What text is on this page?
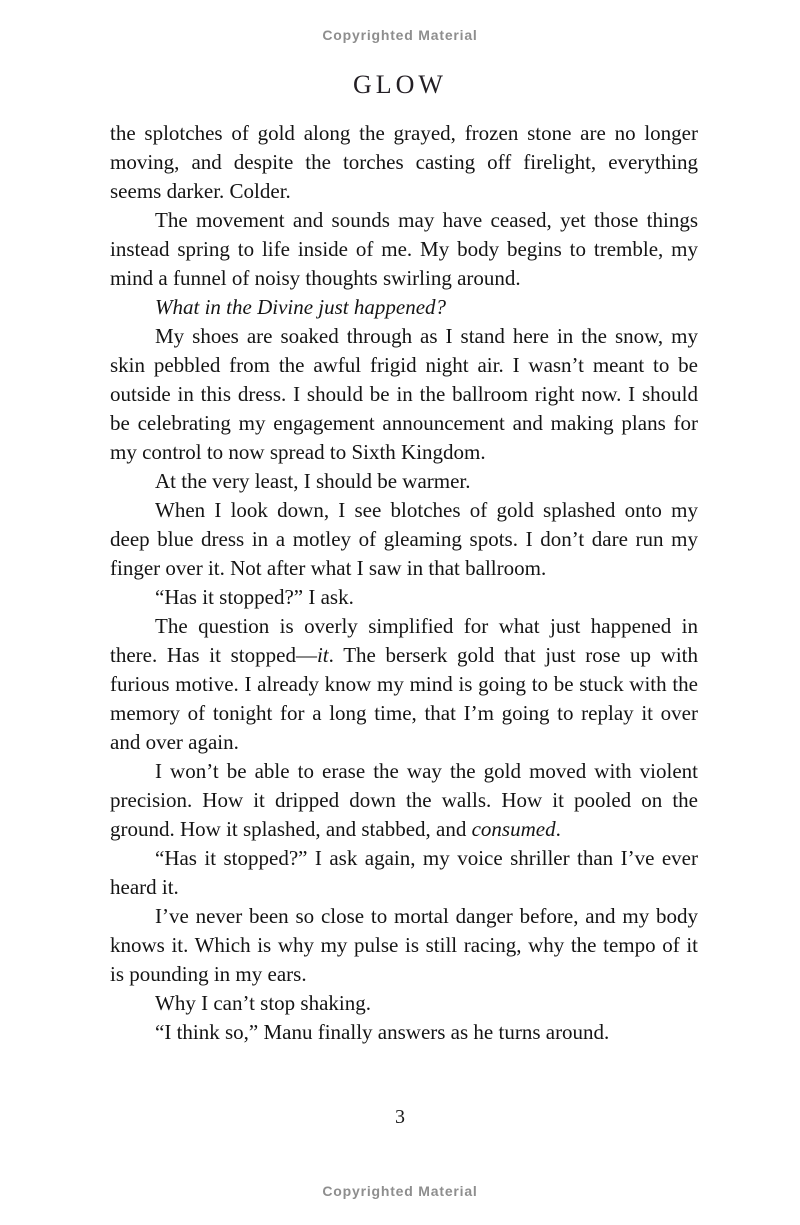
Copyrighted Material
GLOW

the splotches of gold along the grayed, frozen stone are no longer moving, and despite the torches casting off firelight, everything seems darker. Colder.

The movement and sounds may have ceased, yet those things instead spring to life inside of me. My body begins to tremble, my mind a funnel of noisy thoughts swirling around.

What in the Divine just happened?

My shoes are soaked through as I stand here in the snow, my skin pebbled from the awful frigid night air. I wasn’t meant to be outside in this dress. I should be in the ballroom right now. I should be celebrating my engagement announcement and making plans for my control to now spread to Sixth Kingdom.

At the very least, I should be warmer.

When I look down, I see blotches of gold splashed onto my deep blue dress in a motley of gleaming spots. I don’t dare run my finger over it. Not after what I saw in that ballroom.

“Has it stopped?” I ask.

The question is overly simplified for what just happened in there. Has it stopped—it. The berserk gold that just rose up with furious motive. I already know my mind is going to be stuck with the memory of tonight for a long time, that I’m going to replay it over and over again.

I won’t be able to erase the way the gold moved with violent precision. How it dripped down the walls. How it pooled on the ground. How it splashed, and stabbed, and consumed.

“Has it stopped?” I ask again, my voice shriller than I’ve ever heard it.

I’ve never been so close to mortal danger before, and my body knows it. Which is why my pulse is still racing, why the tempo of it is pounding in my ears.

Why I can’t stop shaking.

“I think so,” Manu finally answers as he turns around.

3
Copyrighted Material
